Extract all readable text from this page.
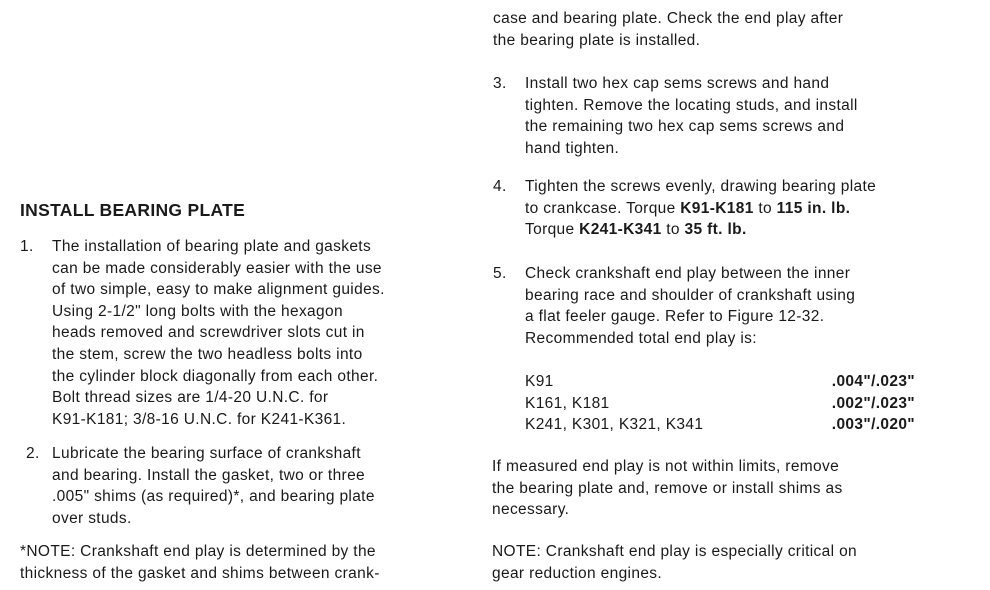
INSTALL BEARING PLATE
1.	The installation of bearing plate and gaskets
can be made considerably easier with the use
of two simple, easy to make alignment guides.
Using 2-1/2" long bolts with the hexagon
heads removed and screwdriver slots cut in
the stem, screw the two headless bolts into
the cylinder block diagonally from each other.
Bolt thread sizes are 1/4-20 U.N.C. for
K91-K181; 3/8-16 U.N.C. for K241-K361.
2. Lubricate the bearing surface of crankshaft
and bearing. Install the gasket, two or three
.005" shims (as required)*, and bearing plate
over studs.
*NOTE: Crankshaft end play is determined by the
thickness of the gasket and shims between crank-
case and bearing plate. Check the end play after
the bearing plate is installed.
3.	Install two hex cap sems screws and hand
tighten. Remove the locating studs, and install
the remaining two hex cap sems screws and
hand tighten.
4.	Tighten the screws evenly, drawing bearing plate
to crankcase. Torque K91-K181 to 115 in. lb.
Torque K241-K341 to 35 ft. lb.
5.	Check crankshaft end play between the inner
bearing race and shoulder of crankshaft using
a flat feeler gauge. Refer to Figure 12-32.
Recommended total end play is:
K91	.004"/.023"
K161, K181	.002"/.023"
K241, K301, K321, K341	.003"/.020"
If measured end play is not within limits, remove
the bearing plate and, remove or install shims as
necessary.
NOTE: Crankshaft end play is especially critical on
gear reduction engines.
